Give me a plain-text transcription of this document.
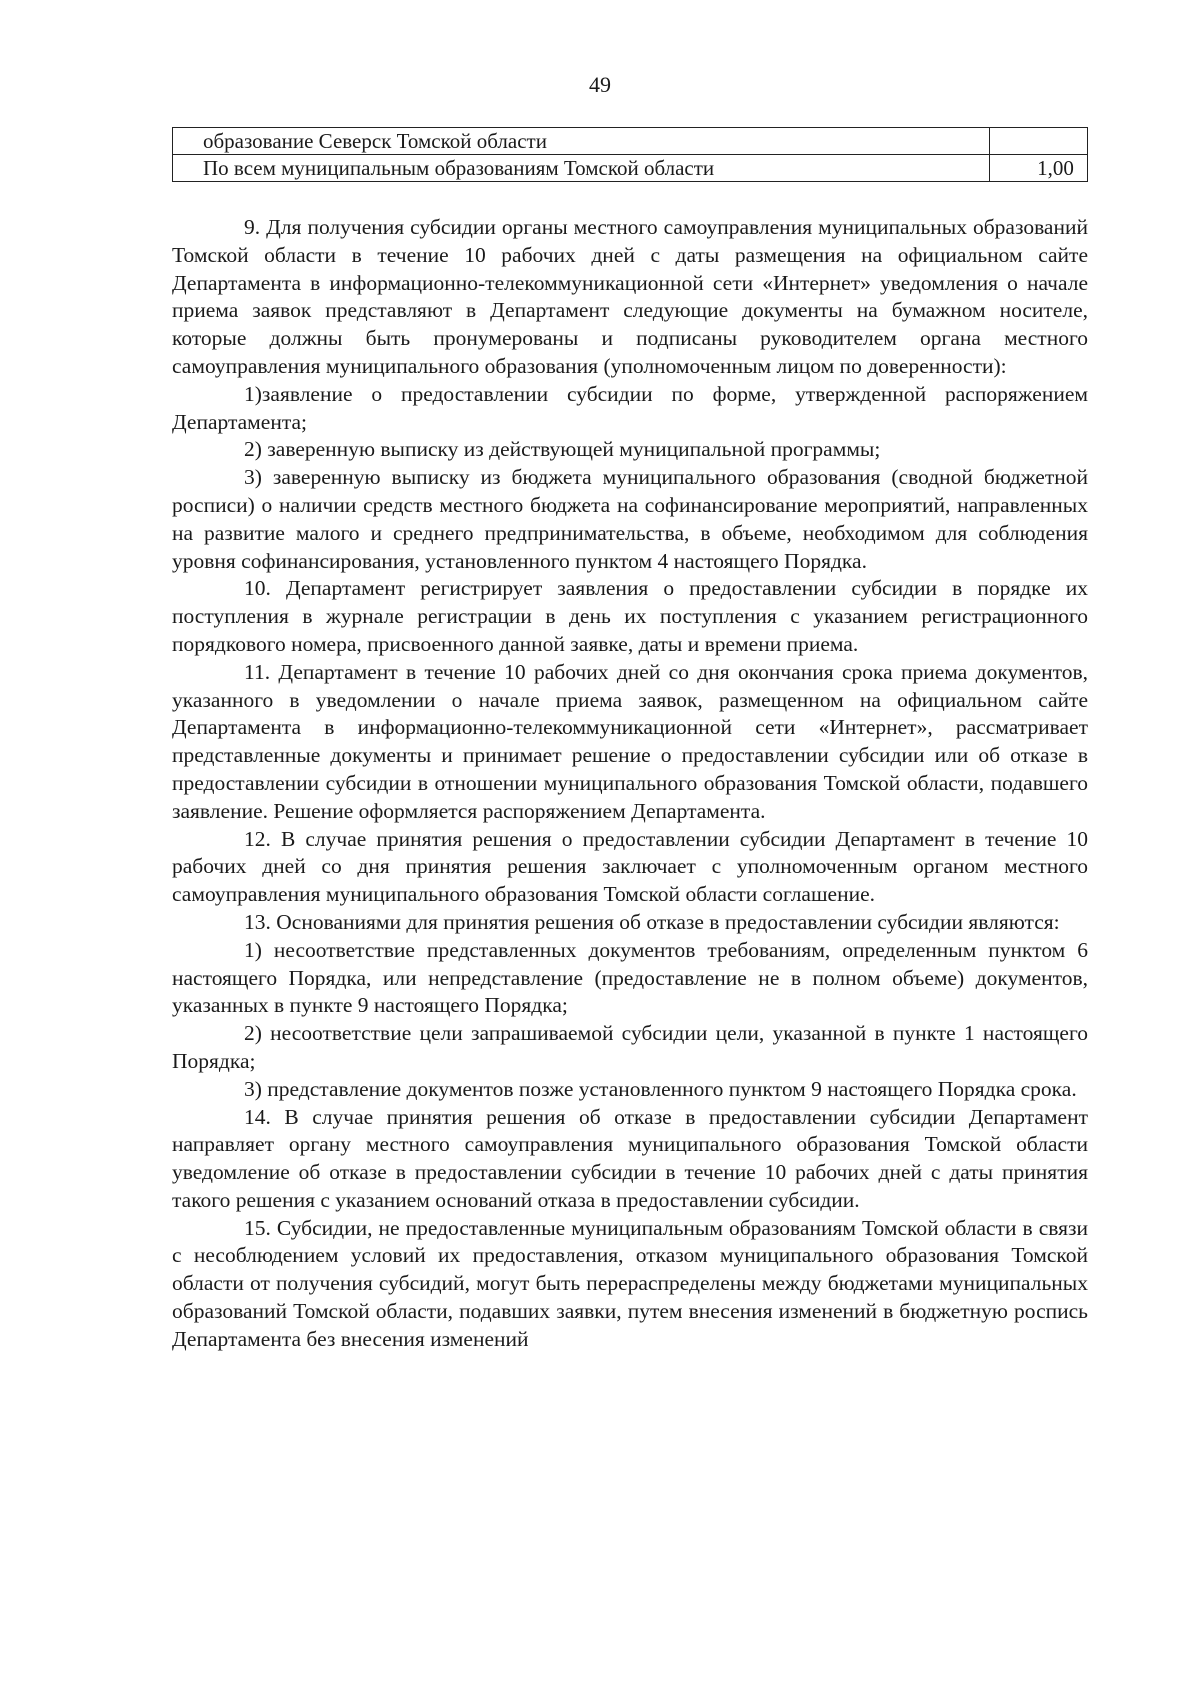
49
образование Северск Томской области	
По всем муниципальным образованиям Томской области	1,00

9. Для получения субсидии органы местного самоуправления муниципальных образований Томской области в течение 10 рабочих дней с даты размещения на официальном сайте Департамента в информационно-телекоммуникационной сети «Интернет» уведомления о начале приема заявок представляют в Департамент следующие документы на бумажном носителе, которые должны быть пронумерованы и подписаны руководителем органа местного самоуправления муниципального образования (уполномоченным лицом по доверенности):

1)заявление о предоставлении субсидии по форме, утвержденной распоряжением Департамента;

2) заверенную выписку из действующей муниципальной программы;

3) заверенную выписку из бюджета муниципального образования (сводной бюджетной росписи) о наличии средств местного бюджета на софинансирование мероприятий, направленных на развитие малого и среднего предпринимательства, в объеме, необходимом для соблюдения уровня софинансирования, установленного пунктом 4 настоящего Порядка.

10. Департамент регистрирует заявления о предоставлении субсидии в порядке их поступления в журнале регистрации в день их поступления с указанием регистрационного порядкового номера, присвоенного данной заявке, даты и времени приема.

11. Департамент в течение 10 рабочих дней со дня окончания срока приема документов, указанного в уведомлении о начале приема заявок, размещенном на официальном сайте Департамента в информационно-телекоммуникационной сети «Интернет», рассматривает представленные документы и принимает решение о предоставлении субсидии или об отказе в предоставлении субсидии в отношении муниципального образования Томской области, подавшего заявление. Решение оформляется распоряжением Департамента.

12. В случае принятия решения о предоставлении субсидии Департамент в течение 10 рабочих дней со дня принятия решения заключает с уполномоченным органом местного самоуправления муниципального образования Томской области соглашение.

13. Основаниями для принятия решения об отказе в предоставлении субсидии являются:

1) несоответствие представленных документов требованиям, определенным пунктом 6 настоящего Порядка, или непредставление (предоставление не в полном объеме) документов, указанных в пункте 9 настоящего Порядка;

2) несоответствие цели запрашиваемой субсидии цели, указанной в пункте 1 настоящего Порядка;

3) представление документов позже установленного пунктом 9 настоящего Порядка срока.

14. В случае принятия решения об отказе в предоставлении субсидии Департамент направляет органу местного самоуправления муниципального образования Томской области уведомление об отказе в предоставлении субсидии в течение 10 рабочих дней с даты принятия такого решения с указанием оснований отказа в предоставлении субсидии.

15. Субсидии, не предоставленные муниципальным образованиям Томской области в связи с несоблюдением условий их предоставления, отказом муниципального образования Томской области от получения субсидий, могут быть перераспределены между бюджетами муниципальных образований Томской области, подавших заявки, путем внесения изменений в бюджетную роспись Департамента без внесения изменений
